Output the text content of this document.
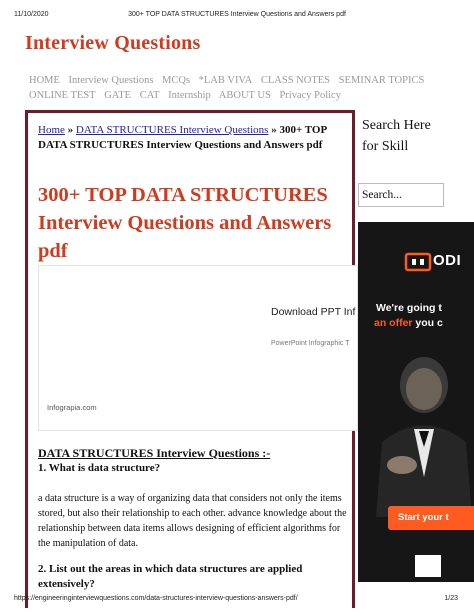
11/10/2020	300+ TOP DATA STRUCTURES Interview Questions and Answers pdf
Interview Questions
HOME Interview Questions MCQs *LAB VIVA CLASS NOTES SEMINAR TOPICS
ONLINE TEST GATE CAT Internship ABOUT US Privacy Policy
Home » DATA STRUCTURES Interview Questions » 300+ TOP DATA STRUCTURES Interview Questions and Answers pdf
300+ TOP DATA STRUCTURES Interview Questions and Answers pdf
Download PPT Inf
PowerPoint Infographic T
Infograpia.com
DATA STRUCTURES Interview Questions :-
1. What is data structure?

a data structure is a way of organizing data that considers not only the items stored, but also their relationship to each other. advance knowledge about the relationship between data items allows designing of efficient algorithms for the manipulation of data.

2. List out the areas in which data structures are applied extensively?
Search Here for Skill
Search...
ODI
We're going t
an offer you c
Start your t
https://engineeringinterviewquestions.com/data-structures-interview-questions-answers-pdf/	1/23
